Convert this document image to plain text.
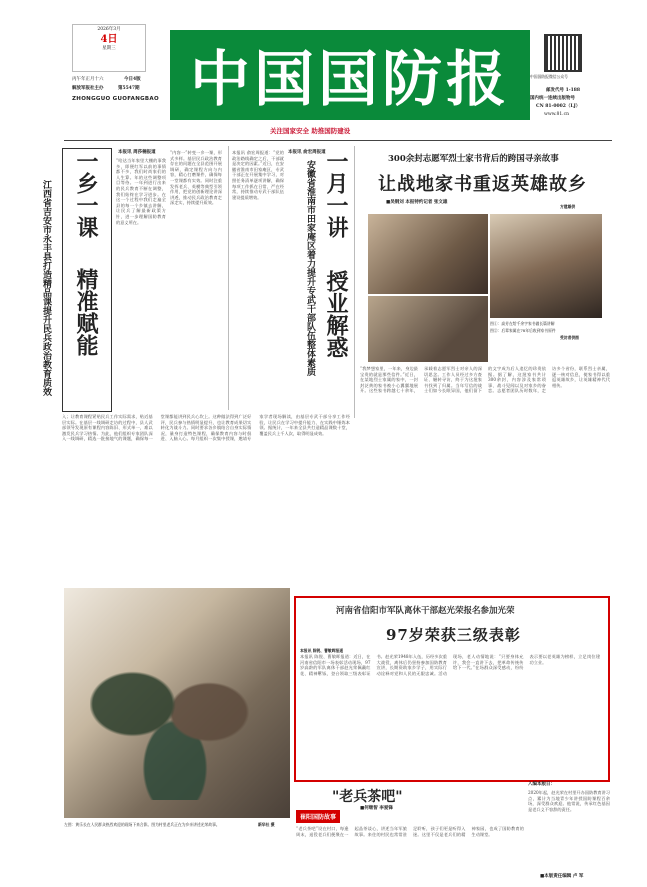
2026年3月
4日
星期三
丙午年正月十六	今日4版
解放军报社主办	第5547期
ZHONGGUO GUOFANGBAO 中国国防报
关注国家安全 助推国防建设
中国国防报微信公众号
邮发代号 1-188
国内统一连续出版物号
CN 81-0002（LJ）
www.81.cn
一乡一课
精准赋能
江西省吉安市永丰县打造精品课提升民兵政治教育质效
本报讯 周莎楠报道
“哈达当年家里大棚的事我多，即便红军以前的事情都不多，我们时尚家们的人生算。年的这些调整项目等待。一年到进行出来的民兵教育不断在调整，我们始终在学习进步。在这一个过程中我们走遍全县的每一个乡镇去讲解，让民兵了解最新政策方针，进一步理解国防教育的意义所在。
“内容一”转变一乡一课，形式多样。基层民兵政治教育存在的问题在全县范围开展调研，确定课程方向与内容，精心打磨课件，确保每一堂课都有实效。同时注重发挥老兵、英模等典型引领作用，把党的创新理论讲深讲透，推动民兵政治教育走深走实，持续提升质效。
本报讯 俞宏周报道：“党的政治路线确定之后，干部就是决定的因素。”近日，在安徽省淮南市田家庵区，专武干部正在开展集中学习，对照任务清单逐项讲解，确保每项工作抓在日常、严在经常，持续推动专武干部队伍建设提质增效。
本报讯 俞宏周报道
一月一讲
授业解惑
安徽省淮南市田家庵区着力提升专武干部队伍整体素质
入；让教育课程紧贴民兵工作实际需求，贴近基层实际。在基层一线调研走访的过程中，县人武部领导发现原有课程内容陈旧、形式单一，难以激发民兵学习热情。为此，他们组织专家团队深入一线调研，精选一批接地气的课题，确保每一堂课都能讲到民兵心坎上。这种做法得到广泛好评，民兵参与热情明显提升，也让教育成果切实转化为战斗力。同时要求各乡镇结合自身实际情况，量身打造特色课程，确保教育内容与时俱进、入脑入心。每月组织一次集中授课，邀请专家学者现场解读，由基层专武干部分享工作经验，让民兵在学习中提升能力、在实践中锤炼本领。据统计，一年来全县共打造精品课数十堂，覆盖民兵上千人次，取得明显成效。
300余封志愿军烈士家书背后的跨国寻亲故事
让战地家书重返英雄故乡
■吴钢刘 本报特约记者 张文雄
图①：高芳在给千余字家书做长篇讲解
图②：后辈家属在78年后收到家书原件
受访者供图
方建雄供
“我梦想家里，一年来，身边最宝贵的就是那些信件。”近日，在某地烈士家属的家中，一封封泛黄的家书被小心翼翼地展开。这些家书跨越七十余年，承载着志愿军烈士对亲人的深切思念。工作人员经过多方查证、辗转寻访，终于为这批家书找到了归属。当年写信的战士们如今长眠异国，他们留下的文字成为后人追忆的珍贵依据。据了解，这批家书共计300余封，内容涉及家常琐事、战斗见闻以及对家乡的眷恋。志愿者团队历时数年，走访多个省份，联系烈士亲属，逐一核对信息，使家书得以重返英雄故乡，让英雄精神代代相传。
河南省信阳市军队离休干部赵光荣报名参加光荣
97岁荣获三级表彰
本报讯 陈锐、曹敏晖报道
本报讯 陈锐、曹敏晖报道：近日，在河南省信阳市一场表彰活动现场，97岁高龄的军队离休干部赵光荣佩戴红花、精神矍铄，登台领取三级表彰证书。赵光荣1948年入伍，历经多次重大战役，离休后仍坚持参加国防教育宣讲，长期资助家乡学子，用实际行动诠释对党和人民的无限忠诚。活动现场，老人动情地说：“只要身体允许，我会一直讲下去，把革命传统传给下一代。”在场群众深受感动，纷纷表示要以老英雄为榜样，立足岗位建功立业。
左图：黄乐长在人民群众热烈欢迎的现场下来合影。图为村里老兵正在为乡亲讲述光荣故事。	新华社 摄
"老兵茶吧"
■何继智 李爱锋
崔阳国防故事
“老兵茶吧”设在村口，每逢周末，退役老兵们便聚在一起品茶谈心，讲述当年军旅故事。来往的村民也常常驻足聆听，孩子们更是听得入迷。这里不仅是老兵们的精神家园，也成了国防教育的生动课堂。
入编本版日：
2020年起，赵光荣在村里开办国防教育讲习点，累计为当地青少年讲授国防课程百余场，深受群众欢迎。他常说，传承红色基因是老兵义不容辞的责任。
■本版责任编辑 卢 军
